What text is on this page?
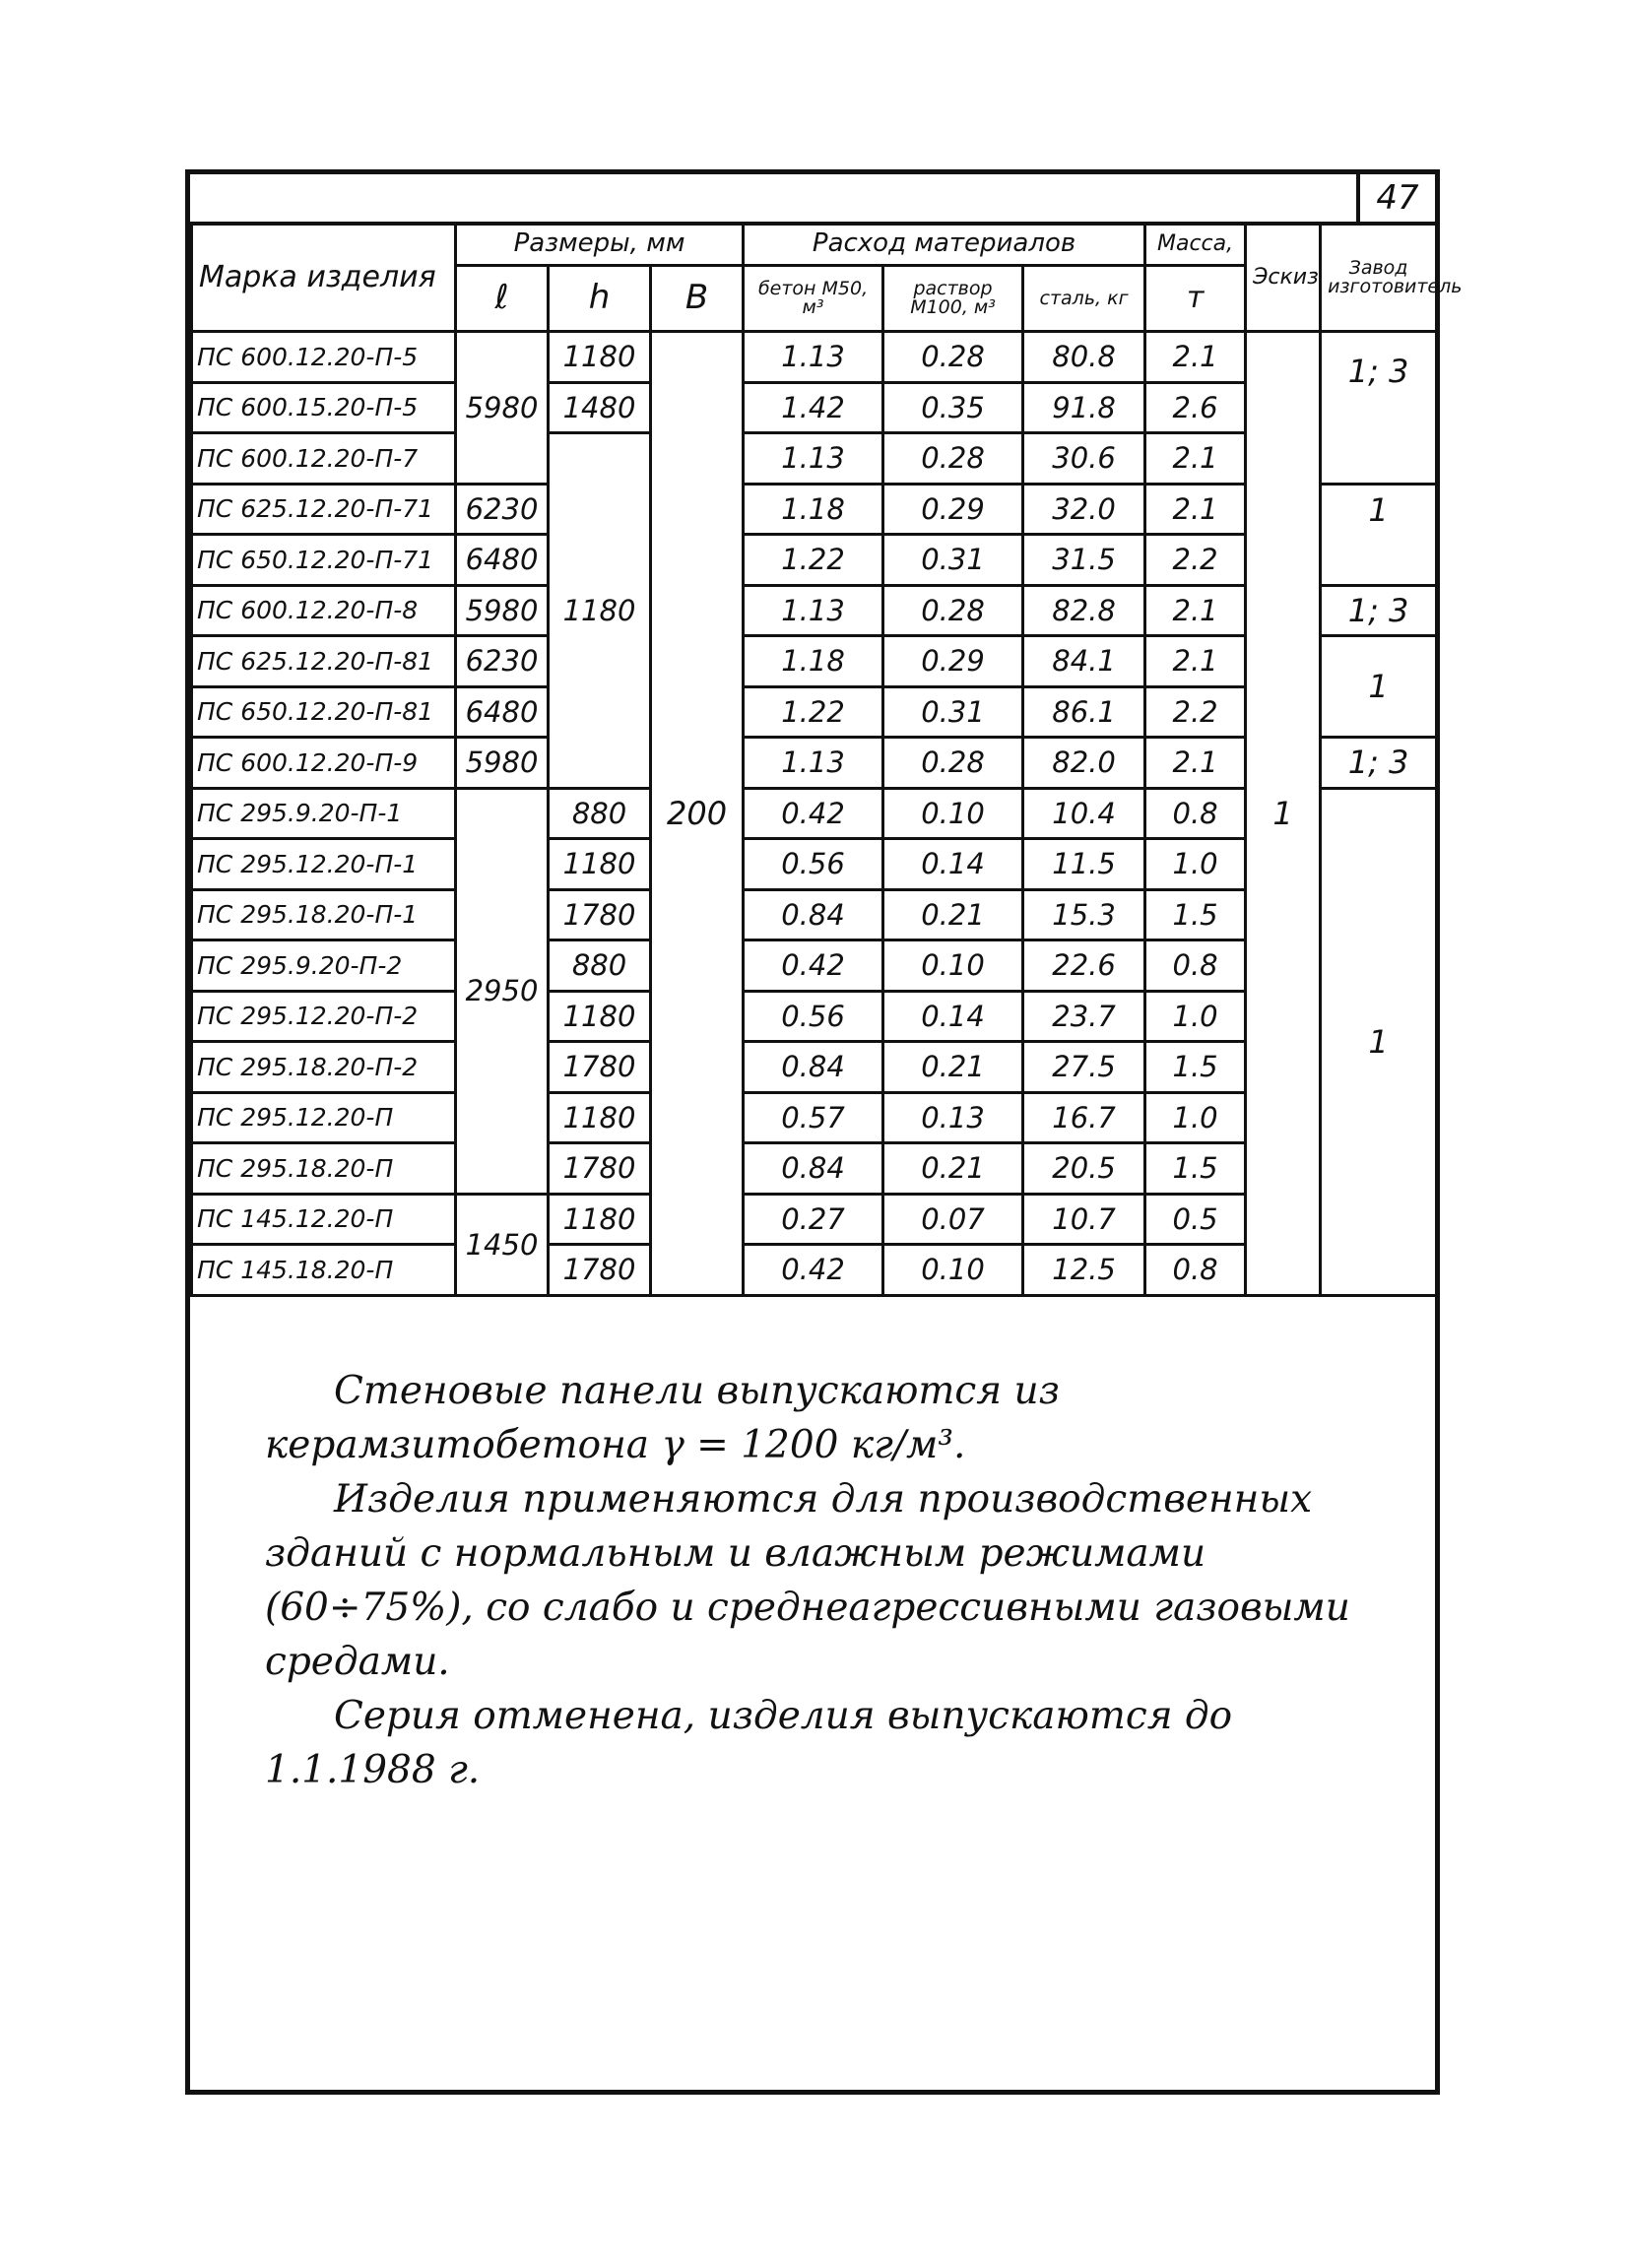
47
Марка изделия	Размеры, мм			Расход материалов			Масса,	Эскиз	Завод изготовитель
	ℓ	h	B	бетон М50, м³	раствор М100, м³	сталь, кг	т		
ПС 600.12.20-П-5	5980	1180	200	1.13	0.28	80.8	2.1	1	1; 3
ПС 600.15.20-П-5		1480		1.42	0.35	91.8	2.6		
ПС 600.12.20-П-7		1180		1.13	0.28	30.6	2.1		
ПС 625.12.20-П-71	6230			1.18	0.29	32.0	2.1		1
ПС 650.12.20-П-71	6480			1.22	0.31	31.5	2.2		
ПС 600.12.20-П-8	5980			1.13	0.28	82.8	2.1		1; 3
ПС 625.12.20-П-81	6230			1.18	0.29	84.1	2.1		1
ПС 650.12.20-П-81	6480			1.22	0.31	86.1	2.2		
ПС 600.12.20-П-9	5980			1.13	0.28	82.0	2.1		1; 3
ПС 295.9.20-П-1	2950	880		0.42	0.10	10.4	0.8		1
ПС 295.12.20-П-1		1180		0.56	0.14	11.5	1.0		
ПС 295.18.20-П-1		1780		0.84	0.21	15.3	1.5		
ПС 295.9.20-П-2		880		0.42	0.10	22.6	0.8		
ПС 295.12.20-П-2		1180		0.56	0.14	23.7	1.0		
ПС 295.18.20-П-2		1780		0.84	0.21	27.5	1.5		
ПС 295.12.20-П		1180		0.57	0.13	16.7	1.0		
ПС 295.18.20-П		1780		0.84	0.21	20.5	1.5		
ПС 145.12.20-П	1450	1180		0.27	0.07	10.7	0.5		
ПС 145.18.20-П		1780		0.42	0.10	12.5	0.8		

Стеновые панели выпускаются из керамзитобетона γ = 1200 кг/м³.

Изделия применяются для производственных зданий с нормальным и влажным режимами (60÷75%), со слабо и среднеагрессивными газовыми средами.

Серия отменена, изделия выпускаются до 1.1.1988 г.
